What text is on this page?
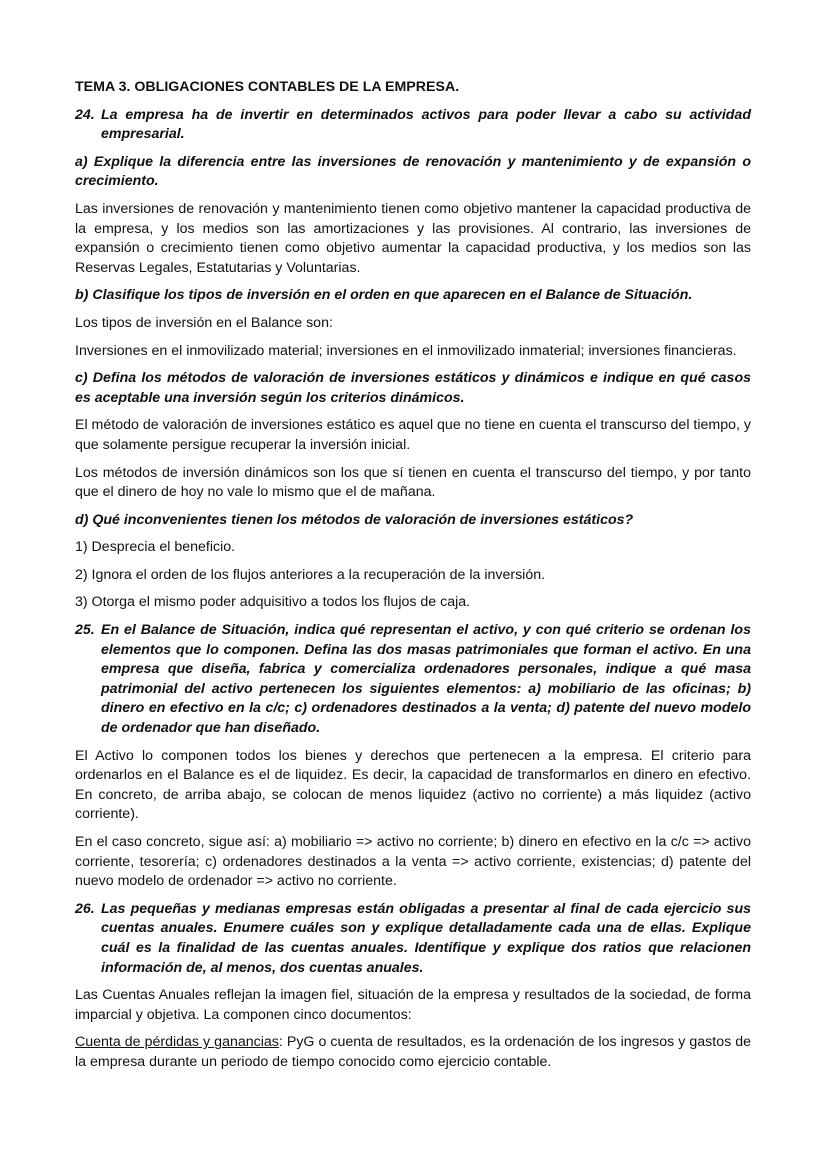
TEMA 3. OBLIGACIONES CONTABLES DE LA EMPRESA.
24. La empresa ha de invertir en determinados activos para poder llevar a cabo su actividad empresarial.
a) Explique la diferencia entre las inversiones de renovación y mantenimiento y de expansión o crecimiento.
Las inversiones de renovación y mantenimiento tienen como objetivo mantener la capacidad productiva de la empresa, y los medios son las amortizaciones y las provisiones. Al contrario, las inversiones de expansión o crecimiento tienen como objetivo aumentar la capacidad productiva, y los medios son las Reservas Legales, Estatutarias y Voluntarias.
b) Clasifique los tipos de inversión en el orden en que aparecen en el Balance de Situación.
Los tipos de inversión en el Balance son:
Inversiones en el inmovilizado material; inversiones en el inmovilizado inmaterial; inversiones financieras.
c) Defina los métodos de valoración de inversiones estáticos y dinámicos e indique en qué casos es aceptable una inversión según los criterios dinámicos.
El método de valoración de inversiones estático es aquel que no tiene en cuenta el transcurso del tiempo, y que solamente persigue recuperar la inversión inicial.
Los métodos de inversión dinámicos son los que sí tienen en cuenta el transcurso del tiempo, y por tanto que el dinero de hoy no vale lo mismo que el de mañana.
d) Qué inconvenientes tienen los métodos de valoración de inversiones estáticos?
1) Desprecia el beneficio.
2) Ignora el orden de los flujos anteriores a la recuperación de la inversión.
3) Otorga el mismo poder adquisitivo a todos los flujos de caja.
25. En el Balance de Situación, indica qué representan el activo, y con qué criterio se ordenan los elementos que lo componen. Defina las dos masas patrimoniales que forman el activo. En una empresa que diseña, fabrica y comercializa ordenadores personales, indique a qué masa patrimonial del activo pertenecen los siguientes elementos: a) mobiliario de las oficinas; b) dinero en efectivo en la c/c; c) ordenadores destinados a la venta; d) patente del nuevo modelo de ordenador que han diseñado.
El Activo lo componen todos los bienes y derechos que pertenecen a la empresa. El criterio para ordenarlos en el Balance es el de liquidez. Es decir, la capacidad de transformarlos en dinero en efectivo. En concreto, de arriba abajo, se colocan de menos liquidez (activo no corriente) a más liquidez (activo corriente).
En el caso concreto, sigue así: a) mobiliario => activo no corriente; b) dinero en efectivo en la c/c => activo corriente, tesorería; c) ordenadores destinados a la venta => activo corriente, existencias; d) patente del nuevo modelo de ordenador => activo no corriente.
26. Las pequeñas y medianas empresas están obligadas a presentar al final de cada ejercicio sus cuentas anuales. Enumere cuáles son y explique detalladamente cada una de ellas. Explique cuál es la finalidad de las cuentas anuales. Identifique y explique dos ratios que relacionen información de, al menos, dos cuentas anuales.
Las Cuentas Anuales reflejan la imagen fiel, situación de la empresa y resultados de la sociedad, de forma imparcial y objetiva. La componen cinco documentos:
Cuenta de pérdidas y ganancias: PyG o cuenta de resultados, es la ordenación de los ingresos y gastos de la empresa durante un periodo de tiempo conocido como ejercicio contable.
